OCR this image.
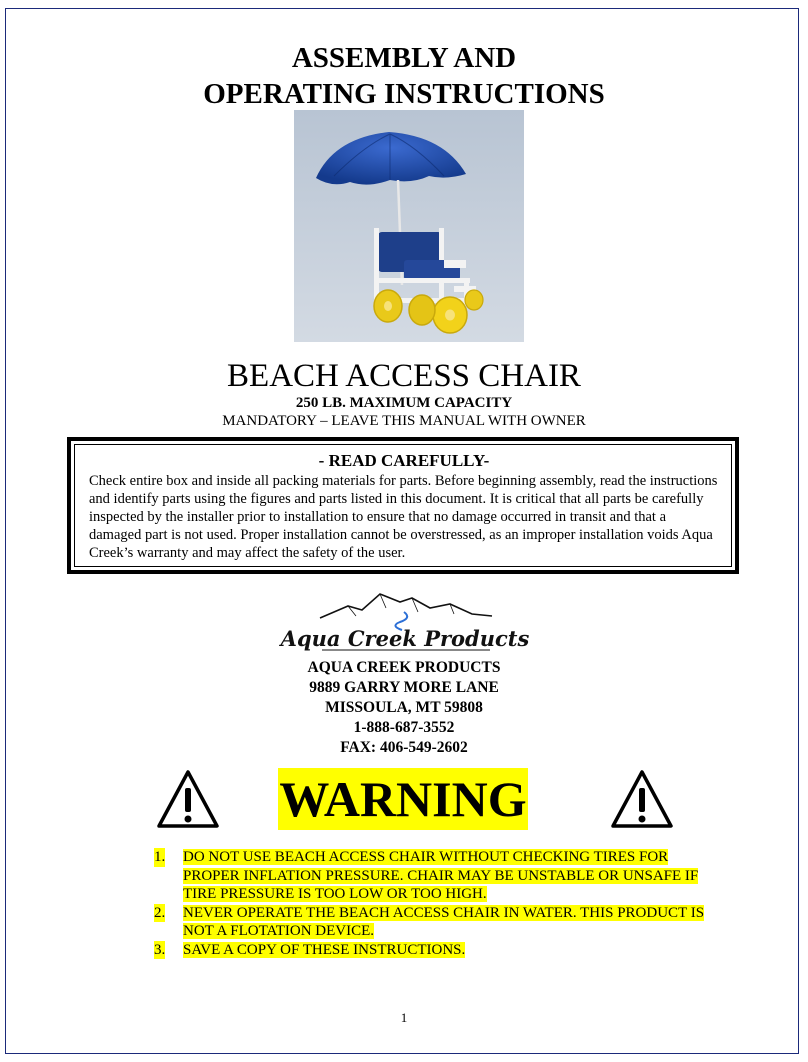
ASSEMBLY AND
OPERATING INSTRUCTIONS
BEACH ACCESS CHAIR
250 LB. MAXIMUM CAPACITY
MANDATORY – LEAVE THIS MANUAL WITH OWNER
- READ CAREFULLY-
Check entire box and inside all packing materials for parts. Before beginning assembly, read the instructions and identify parts using the figures and parts listed in this document. It is critical that all parts be carefully inspected by the installer prior to installation to ensure that no damage occurred in transit and that a damaged part is not used. Proper installation cannot be overstressed, as an improper installation voids Aqua Creek’s warranty and may affect the safety of the user.
Aqua Creek Products
AQUA CREEK PRODUCTS
9889 GARRY MORE LANE
MISSOULA, MT 59808
1-888-687-3552
FAX: 406-549-2602
WARNING
1. DO NOT USE BEACH ACCESS CHAIR WITHOUT CHECKING TIRES FOR PROPER INFLATION PRESSURE. CHAIR MAY BE UNSTABLE OR UNSAFE IF TIRE PRESSURE IS TOO LOW OR TOO HIGH.
2. NEVER OPERATE THE BEACH ACCESS CHAIR IN WATER. THIS PRODUCT IS NOT A FLOTATION DEVICE.
3. SAVE A COPY OF THESE INSTRUCTIONS.
1
